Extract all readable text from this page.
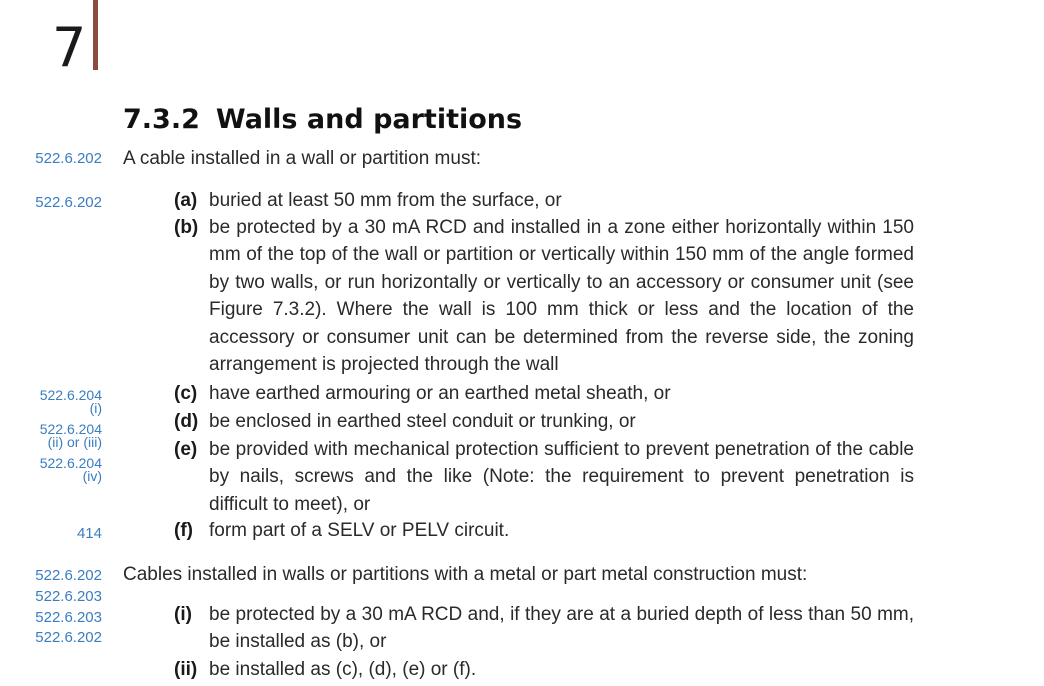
7
7.3.2 Walls and partitions
522.6.202 A cable installed in a wall or partition must:
522.6.202
522.6.204
(i)
522.6.204
(ii) or (iii)
522.6.204
(iv)
414
(a) buried at least 50 mm from the surface, or
(b) be protected by a 30 mA RCD and installed in a zone either horizontally within 150 mm of the top of the wall or partition or vertically within 150 mm of the angle formed by two walls, or run horizontally or vertically to an accessory or consumer unit (see Figure 7.3.2). Where the wall is 100 mm thick or less and the location of the accessory or consumer unit can be determined from the reverse side, the zoning arrangement is projected through the wall
(c) have earthed armouring or an earthed metal sheath, or
(d) be enclosed in earthed steel conduit or trunking, or
(e) be provided with mechanical protection sufficient to prevent penetration of the cable by nails, screws and the like (Note: the requirement to prevent penetration is difficult to meet), or
(f) form part of a SELV or PELV circuit.
522.6.202
522.6.203
522.6.203
522.6.202
Cables installed in walls or partitions with a metal or part metal construction must:
(i) be protected by a 30 mA RCD and, if they are at a buried depth of less than 50 mm, be installed as (b), or
(ii) be installed as (c), (d), (e) or (f).
